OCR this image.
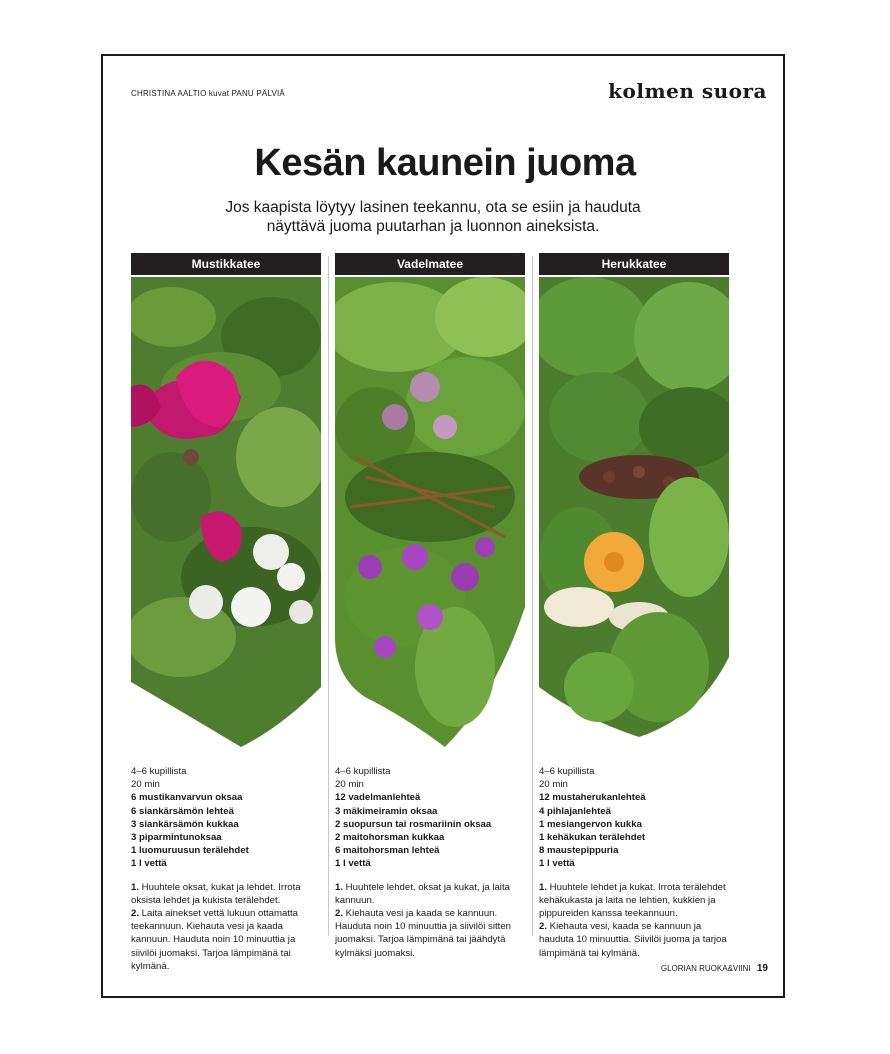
CHRISTINA AALTIO kuvat PANU PÄLVIÄ	kolmen suora
Kesän kaunein juoma
Jos kaapista löytyy lasinen teekannu, ota se esiin ja hauduta
näyttävä juoma puutarhan ja luonnon aineksista.
Mustikkatee
4–6 kupillista
20 min
6 mustikanvarvun oksaa
6 siankärsämön lehteä
3 siankärsämön kukkaa
3 piparmintunoksaa
1 luomuruusun terälehdet
1 l vettä

1. Huuhtele oksat, kukat ja lehdet. Irrota oksista lehdet ja kukista terälehdet.

2. Laita ainekset vettä lukuun ottamatta teekannuun. Kiehauta vesi ja kaada kannuun. Hauduta noin 10 minuuttia ja siivilöi juomaksi. Tarjoa lämpimänä tai kylmänä.

Vadelmatee
4–6 kupillista
20 min
12 vadelmanlehteä
3 mäkimeiramin oksaa
2 suopursun tai rosmariinin oksaa
2 maitohorsman kukkaa
6 maitohorsman lehteä
1 l vettä

1. Huuhtele lehdet, oksat ja kukat, ja laita kannuun.

2. Kiehauta vesi ja kaada se kannuun. Hauduta noin 10 minuuttia ja siivilöi sitten juomaksi. Tarjoa lämpimänä tai jäähdytä kylmäksi juomaksi.

Herukkatee
4–6 kupillista
20 min
12 mustaherukanlehteä
4 pihlajanlehteä
1 mesiangervon kukka
1 kehäkukan terälehdet
8 maustepippuria
1 l vettä

1. Huuhtele lehdet ja kukat. Irrota terälehdet kehäkukasta ja laita ne lehtien, kukkien ja pippureiden kanssa teekannuun.

2. Kiehauta vesi, kaada se kannuun ja hauduta 10 minuuttia. Siivilöi juoma ja tarjoa lämpimänä tai kylmänä.

GLORIAN RUOKA&VIINI 19
